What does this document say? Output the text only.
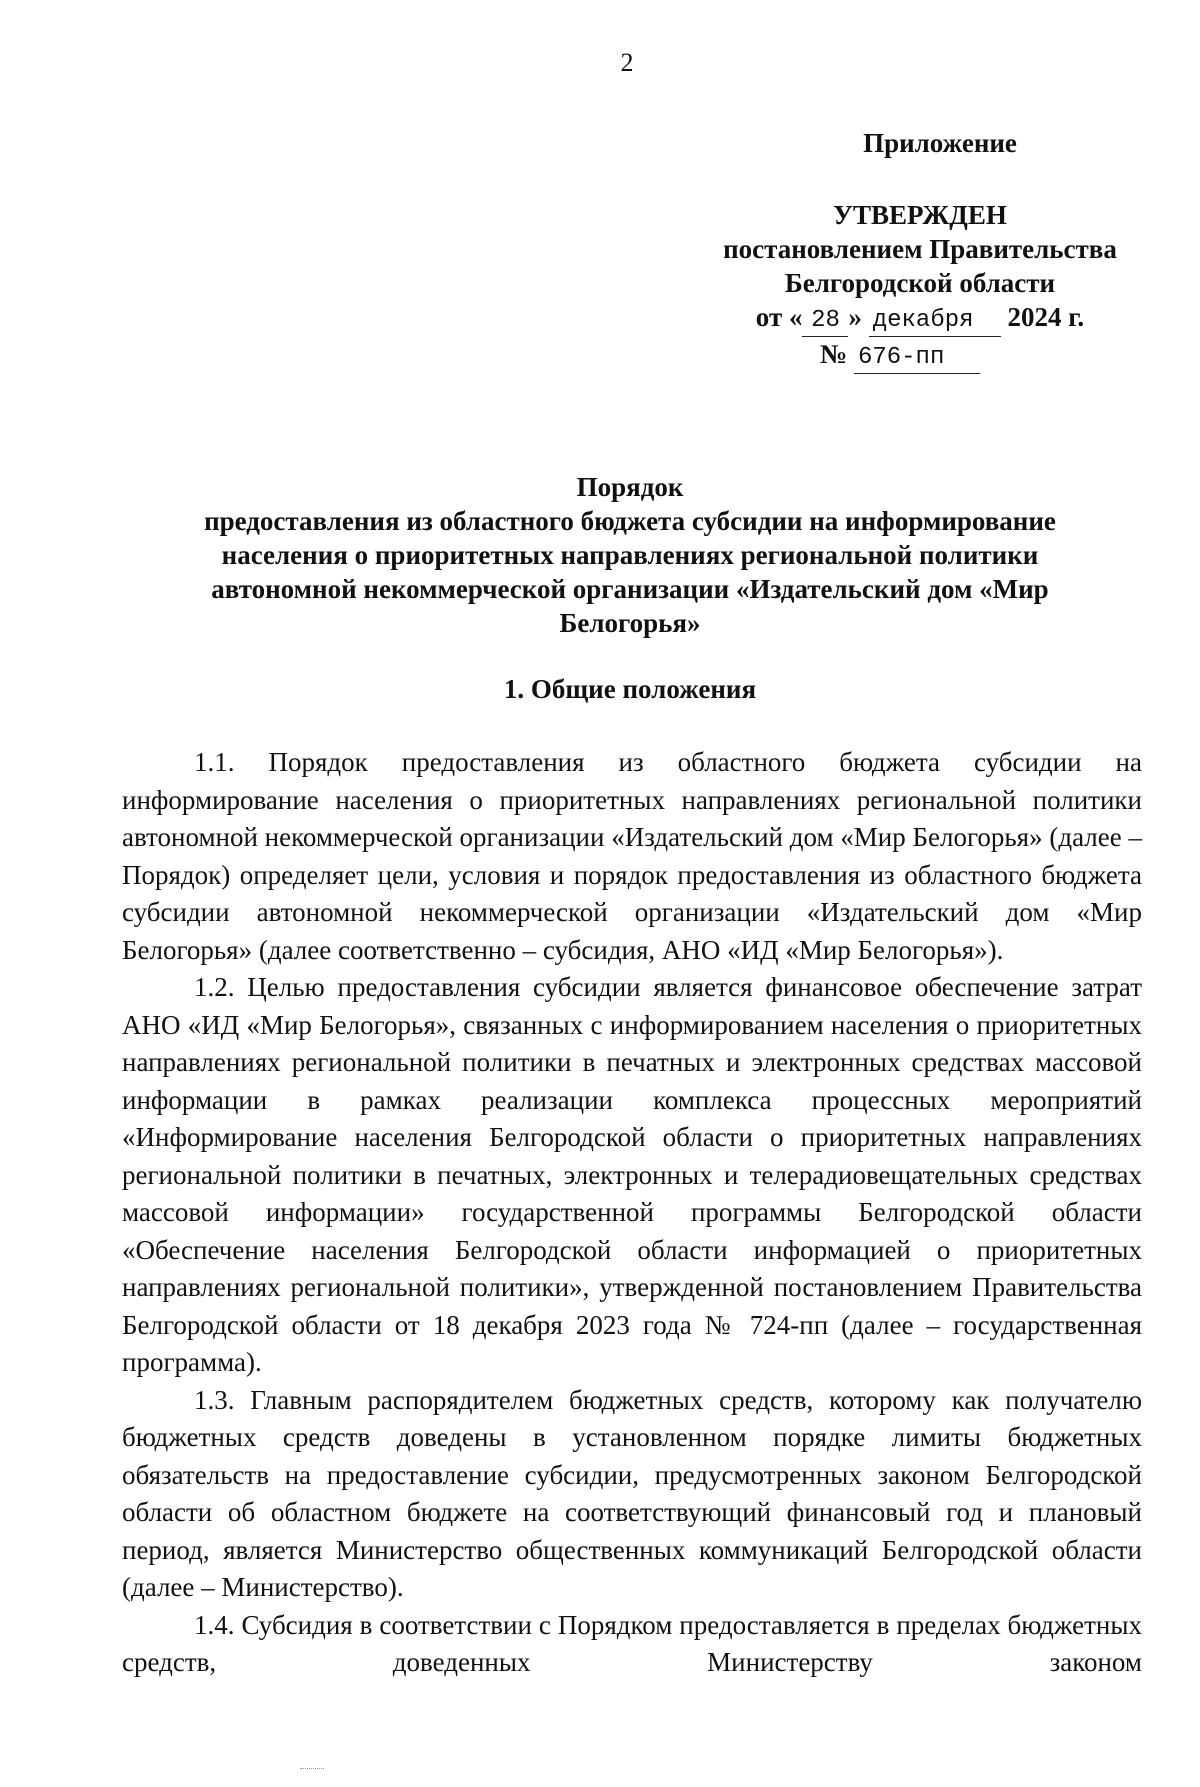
2
Приложение
УТВЕРЖДЕН
постановлением Правительства
Белгородской области
от « 28 » декабря 2024 г.
№ 676-пп
Порядок
предоставления из областного бюджета субсидии на информирование населения о приоритетных направлениях региональной политики автономной некоммерческой организации «Издательский дом «Мир Белогорья»
1. Общие положения

1.1. Порядок предоставления из областного бюджета субсидии на информирование населения о приоритетных направлениях региональной политики автономной некоммерческой организации «Издательский дом «Мир Белогорья» (далее – Порядок) определяет цели, условия и порядок предоставления из областного бюджета субсидии автономной некоммерческой организации «Издательский дом «Мир Белогорья» (далее соответственно – субсидия, АНО «ИД «Мир Белогорья»).

1.2. Целью предоставления субсидии является финансовое обеспечение затрат АНО «ИД «Мир Белогорья», связанных с информированием населения о приоритетных направлениях региональной политики в печатных и электронных средствах массовой информации в рамках реализации комплекса процессных мероприятий «Информирование населения Белгородской области о приоритетных направлениях региональной политики в печатных, электронных и телерадиовещательных средствах массовой информации» государственной программы Белгородской области «Обеспечение населения Белгородской области информацией о приоритетных направлениях региональной политики», утвержденной постановлением Правительства Белгородской области от 18 декабря 2023 года № 724-пп (далее – государственная программа).

1.3. Главным распорядителем бюджетных средств, которому как получателю бюджетных средств доведены в установленном порядке лимиты бюджетных обязательств на предоставление субсидии, предусмотренных законом Белгородской области об областном бюджете на соответствующий финансовый год и плановый период, является Министерство общественных коммуникаций Белгородской области (далее – Министерство).

1.4. Субсидия в соответствии с Порядком предоставляется в пределах бюджетных средств, доведенных Министерству законом
